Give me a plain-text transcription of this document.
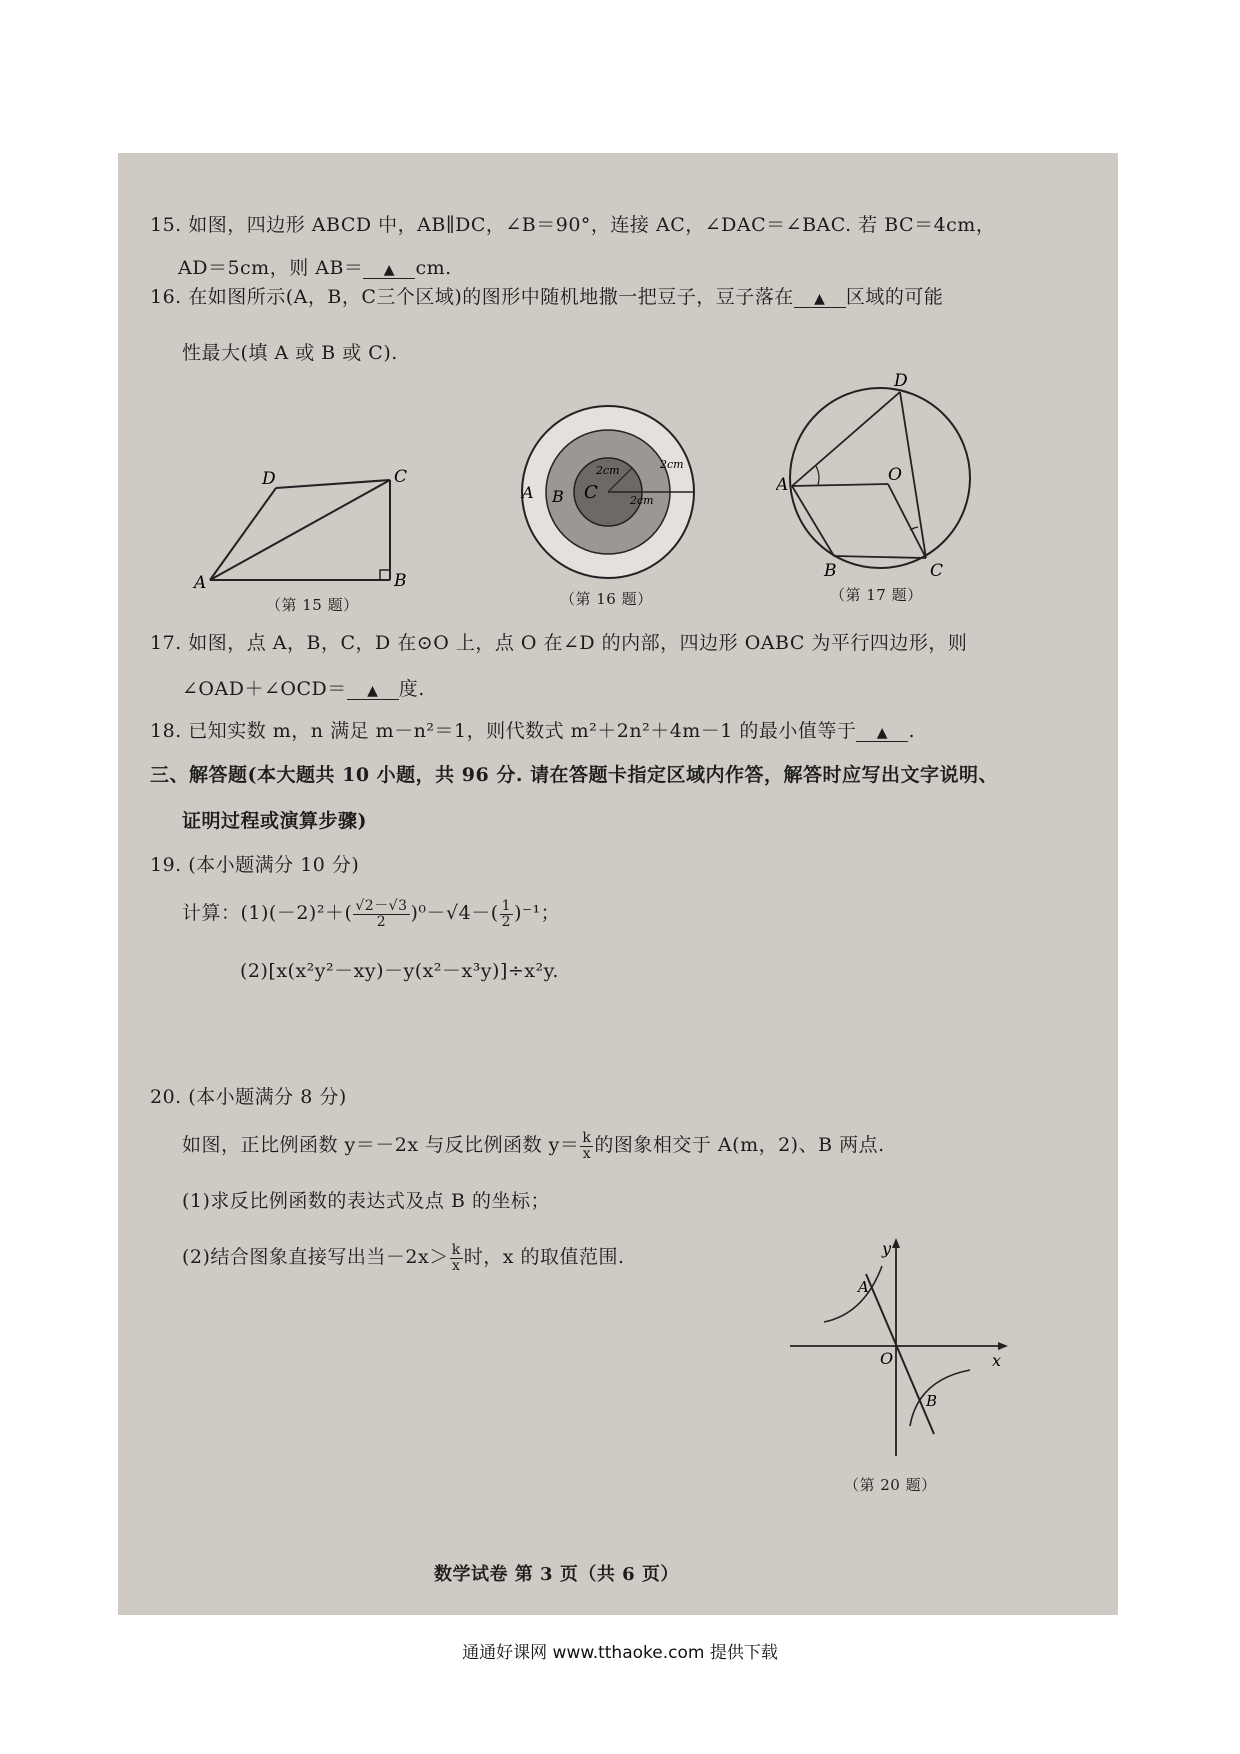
15. 如图，四边形 ABCD 中，AB∥DC，∠B＝90°，连接 AC，∠DAC＝∠BAC. 若 BC＝4cm，
AD＝5cm，则 AB＝ ▲ cm.
16. 在如图所示(A，B，C三个区域)的图形中随机地撒一把豆子，豆子落在 ▲ 区域的可能
性最大(填 A 或 B 或 C).
A	B
C
D
（第 15 题）
A B C
2cm	2cm
2cm
（第 16 题）
A
B	C
D
O
（第 17 题）
17. 如图，点 A，B，C，D 在⊙O 上，点 O 在∠D 的内部，四边形 OABC 为平行四边形，则
∠OAD＋∠OCD＝ ▲ 度.
18. 已知实数 m，n 满足 m－n²＝1，则代数式 m²＋2n²＋4m－1 的最小值等于 ▲ .
三、解答题(本大题共 10 小题，共 96 分. 请在答题卡指定区域内作答，解答时应写出文字说明、
证明过程或演算步骤)
19. (本小题满分 10 分)
计算：$(1)(-2)^2+( \frac{√2-√3}{2} )^0-√4-( \frac{1}{2} )^{-1}$；
(2)[x(x²y²－xy)－y(x²－x³y)]÷x²y.
20. (本小题满分 8 分)
如图，正比例函数 y＝－2x 与反比例函数 $y= \frac{k}{x}$ 的图象相交于 A(m，2)、B 两点.
(1)求反比例函数的表达式及点 B 的坐标；
(2)结合图象直接写出当$-2x> \frac{k}{x}$ 时，x 的取值范围.	y
x
O
A
B
（第 20 题）
数学试卷 第 3 页（共 6 页）
通通好课网 www.tthaoke.com 提供下载
